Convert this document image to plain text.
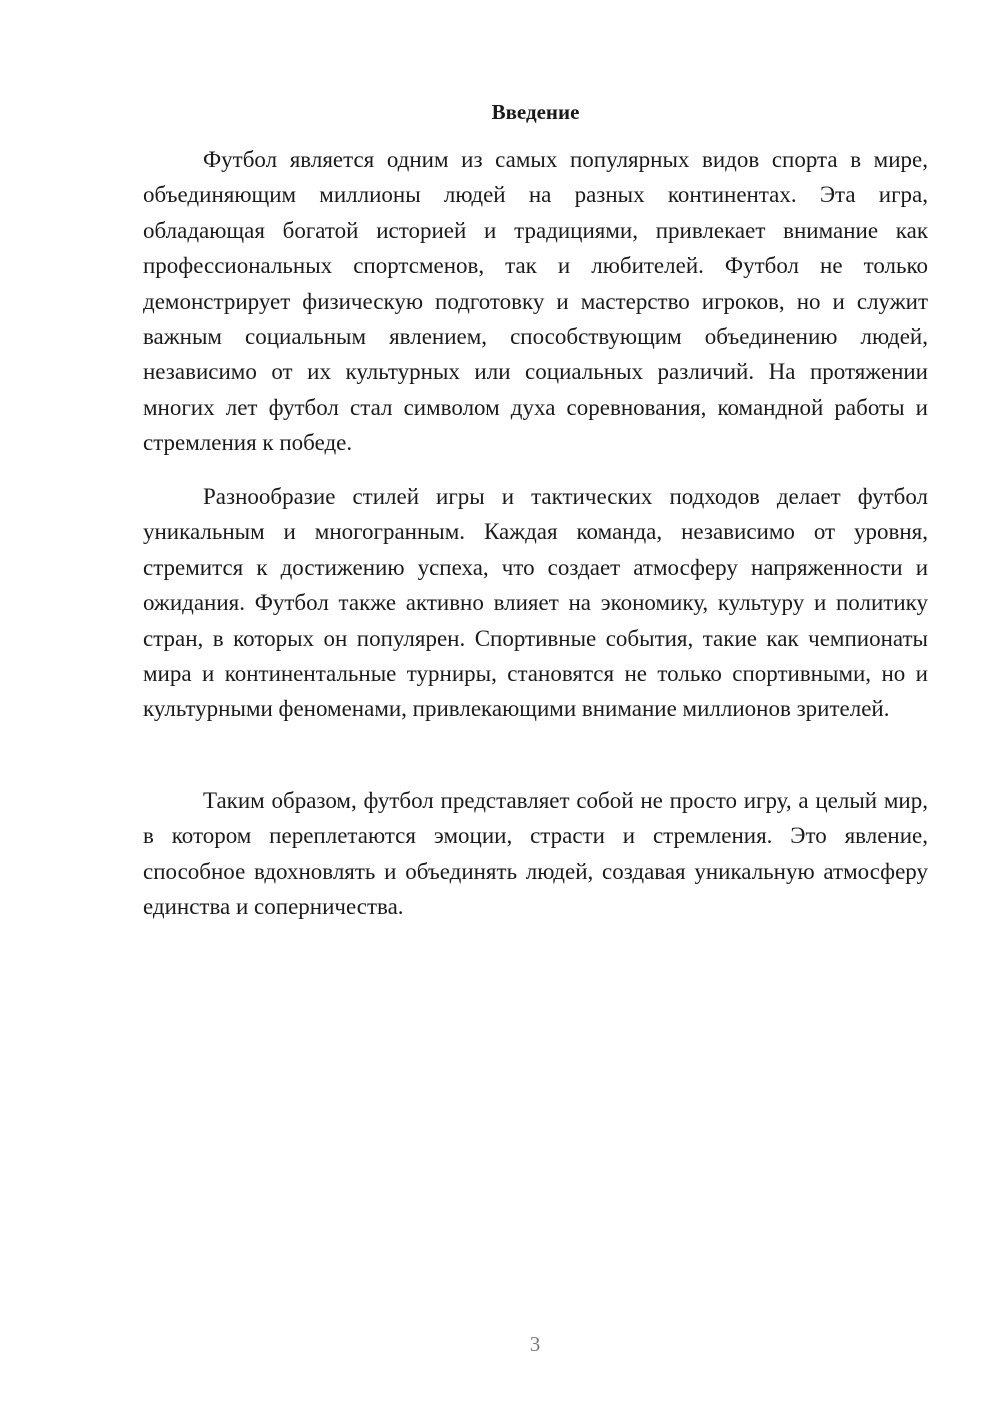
Введение

Футбол является одним из самых популярных видов спорта в мире, объединяющим миллионы людей на разных континентах. Эта игра, обладающая богатой историей и традициями, привлекает внимание как профессиональных спортсменов, так и любителей. Футбол не только демонстрирует физическую подготовку и мастерство игроков, но и служит важным социальным явлением, способствующим объединению людей, независимо от их культурных или социальных различий. На протяжении многих лет футбол стал символом духа соревнования, командной работы и стремления к победе.

Разнообразие стилей игры и тактических подходов делает футбол уникальным и многогранным. Каждая команда, независимо от уровня, стремится к достижению успеха, что создает атмосферу напряженности и ожидания. Футбол также активно влияет на экономику, культуру и политику стран, в которых он популярен. Спортивные события, такие как чемпионаты мира и континентальные турниры, становятся не только спортивными, но и культурными феноменами, привлекающими внимание миллионов зрителей.

Таким образом, футбол представляет собой не просто игру, а целый мир, в котором переплетаются эмоции, страсти и стремления. Это явление, способное вдохновлять и объединять людей, создавая уникальную атмосферу единства и соперничества.

3
